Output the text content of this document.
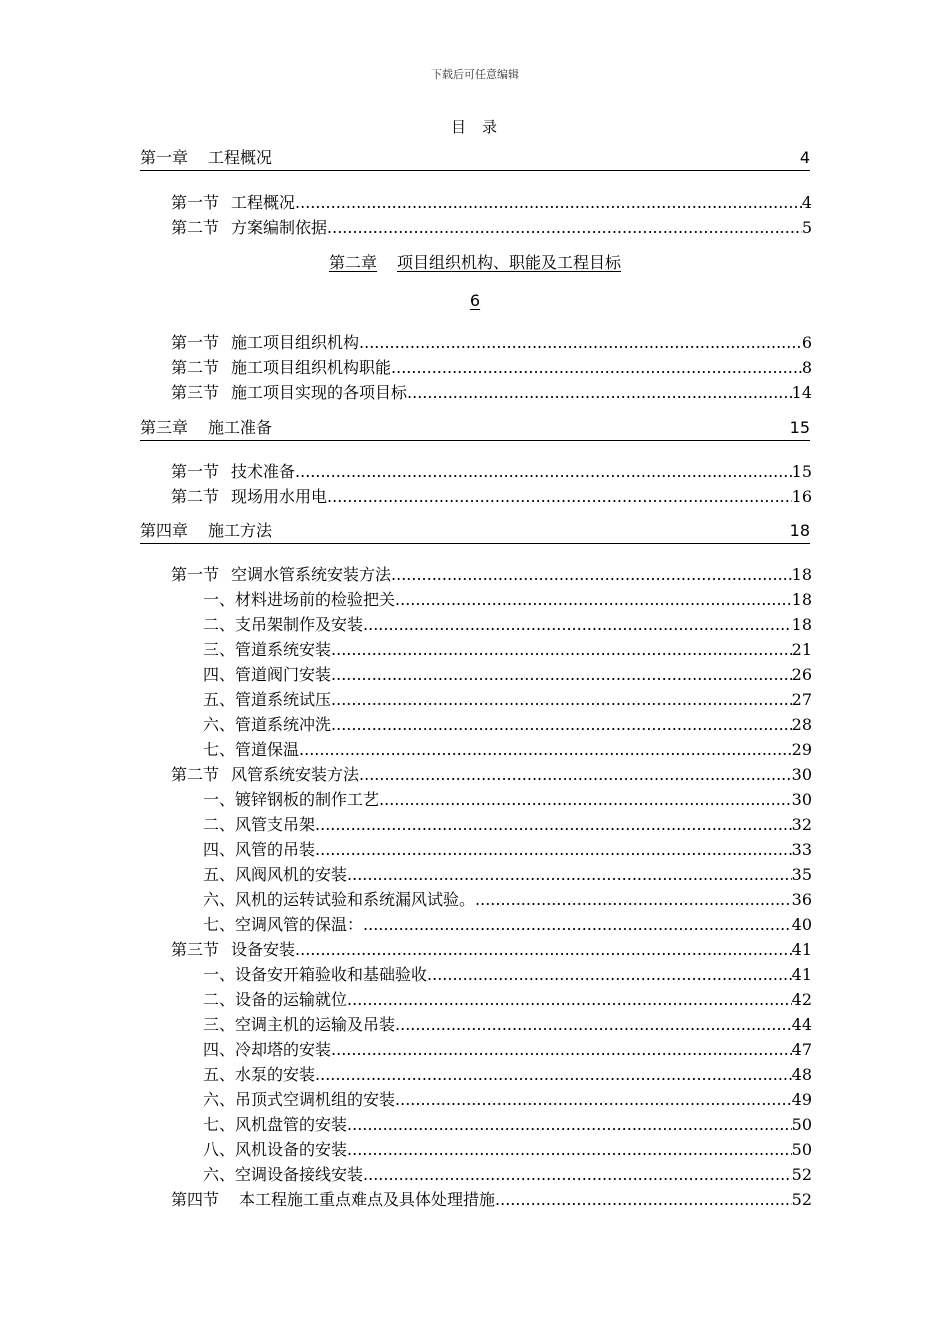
下载后可任意编辑
目 录
第一章 工程概况	4
第一节 工程概况 .....	4
第二节 方案编制依据 .....	5
第二章 项目组织机构、职能及工程目标
6
第一节 施工项目组织机构 .....	6
第二节 施工项目组织机构职能 .....	8
第三节 施工项目实现的各项目标 .....	14
第三章 施工准备	15
第一节 技术准备 .....	15
第二节 现场用水用电 .....	16
第四章 施工方法	18
第一节 空调水管系统安装方法 .....	18
一、材料进场前的检验把关 .....	18
二、支吊架制作及安装 .....	18
三、管道系统安装 .....	21
四、管道阀门安装 .....	26
五、管道系统试压 .....	27
六、管道系统冲洗 .....	28
七、管道保温 .....	29
第二节 风管系统安装方法 .....	30
一、镀锌钢板的制作工艺 .....	30
二、风管支吊架 .....	32
四、风管的吊装 .....	33
五、风阀风机的安装 .....	35
六、风机的运转试验和系统漏风试验。 .....	36
七、空调风管的保温： .....	40
第三节 设备安装 .....	41
一、设备安开箱验收和基础验收 .....	41
二、设备的运输就位 .....	42
三、空调主机的运输及吊装 .....	44
四、冷却塔的安装 .....	47
五、水泵的安装 .....	48
六、吊顶式空调机组的安装 .....	49
七、风机盘管的安装 .....	50
八、风机设备的安装 .....	50
六、空调设备接线安装 .....	52
第四节 本工程施工重点难点及具体处理措施 .....	52
